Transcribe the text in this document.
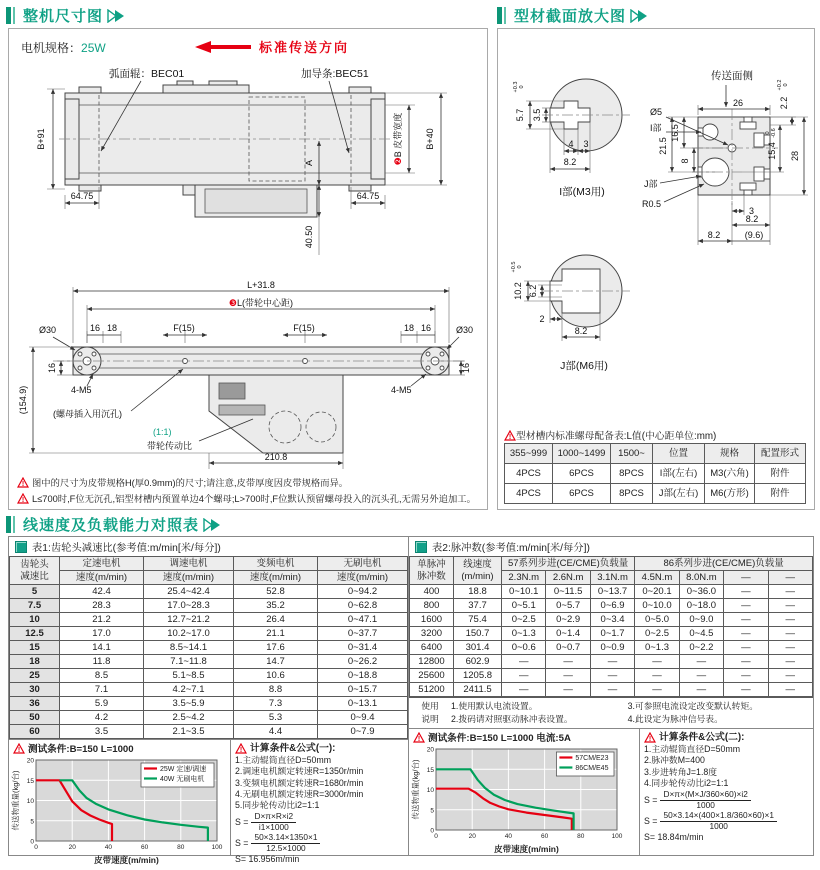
整机尺寸图
电机规格：25W	标准传送方向
B+91
64.75	64.75
A
40.50
❷B 皮带宽度 B+40
弧面辊：BEC01	加导条:BEC51
L+31.8
❸L(带轮中心距)
16 18	18 16
F(15)	F(15)
Ø30	Ø30
4-M5	4-M5
16	16
(154.9)	(螺母插入用沉孔)
(1:1)
带轮传动比
210.8
! 图中的尺寸为皮带规格H(厚0.9mm)的尺寸;请注意,皮带厚度因皮带规格而异。
! L≤700时,F位无沉孔,铝型材槽内预置单边4个螺母;L>700时,F位默认预留螺母投入的沉头孔,无需另外追加工。
型材截面放大图
5.7
+0.3 0
3.5
4 3
8.2
I部(M3用)
传送面侧
26	2.2
+0.2 0
28
15.4
0 -0.6
21.5
16.5
8
Ø5
I部
J部
R0.5
3
8.2
8.2	(9.6)
10.2
+0.5 0
6.2
2
8.2
J部(M6用)
! 型材槽内标准螺母配备表:L值(中心距单位:mm)
355~999	1000~1499	1500~	位置	规格	配置形式
4PCS	6PCS	8PCS	I部(左右)	M3(六角)	附件
4PCS	6PCS	8PCS	J部(左右)	M6(方形)	附件
线速度及负载能力对照表
表1:齿轮头减速比(参考值:m/min[米/每分])
齿轮头
减速比	定速电机	调速电机	变频电机	无刷电机
	速度(m/min)	速度(m/min)	速度(m/min)	速度(m/min)
5	42.4	25.4~42.4	52.8	0~94.2
7.5	28.3	17.0~28.3	35.2	0~62.8
10	21.2	12.7~21.2	26.4	0~47.1
12.5	17.0	10.2~17.0	21.1	0~37.7
15	14.1	8.5~14.1	17.6	0~31.4
18	11.8	7.1~11.8	14.7	0~26.2
25	8.5	5.1~8.5	10.6	0~18.8
30	7.1	4.2~7.1	8.8	0~15.7
36	5.9	3.5~5.9	7.3	0~13.1
50	4.2	2.5~4.2	5.3	0~9.4
60	3.5	2.1~3.5	4.4	0~7.9
! 测试条件:B=150 L=1000
0	20	40	60	80	100
0
5
10
15
20
25W 定速/调速
40W 无刷电机
皮带速度(m/min)
传送物重量(kg/台)
! 计算条件&公式(一):
1.主动辊筒直径D=50mm
2.调速电机额定转速R=1350r/min
3.变频电机额定转速R=1680r/min
4.无刷电机额定转速R=3000r/min
5.同步轮传动比i2=1:1
$S = \frac{D\times\pi\times R\times i2}{i1\times 1000}$
$S = \frac{50\times 3.14\times 1350\times 1}{12.5\times 1000}$
S= 16.956m/min
表2:脉冲数(参考值:m/min[米/每分])
单脉冲
脉冲数

线速度
(m/min)
	57系列步进(CE/CME)负载量	86系列步进(CE/CME)负载量
		2.3N.m	2.6N.m	3.1N.m	4.5N.m	8.0N.m	—	—
400	18.8	0~10.1	0~11.5	0~13.7	0~20.1	0~36.0	—	—
800	37.7	0~5.1	0~5.7	0~6.9	0~10.0	0~18.0	—	—
1600	75.4	0~2.5	0~2.9	0~3.4	0~5.0	0~9.0	—	—
3200	150.7	0~1.3	0~1.4	0~1.7	0~2.5	0~4.5	—	—
6400	301.4	0~0.6	0~0.7	0~0.9	0~1.3	0~2.2	—	—
12800	602.9	—	—	—	—	—	—	—
25600	1205.8	—	—	—	—	—	—	—
51200	2411.5	—	—	—	—	—	—	—
使用
说明
1.使用默认电流设置。
2.拨码请对照驱动脉冲表设置。
3.可参照电流设定改变默认转矩。
4.此设定为脉冲信号表。
! 测试条件:B=150 L=1000 电流:5A
0	20	40	60	80	100
0
5
10
15
20
57CM/E23
86CM/E45
皮带速度(m/min)
传送物重量(kg/台)
! 计算条件&公式(二):
1.主动辊筒直径D=50mm
2.脉冲数M=400
3.步进转角J=1.8度
4.同步轮传动比i2=1:1
$S = \frac{D\times\pi\times(M\times J/360\times 60)\times i2}{1000}$
$S = \frac{50\times 3.14\times(400\times 1.8/360\times 60)\times 1}{1000}$
S= 18.84m/min
